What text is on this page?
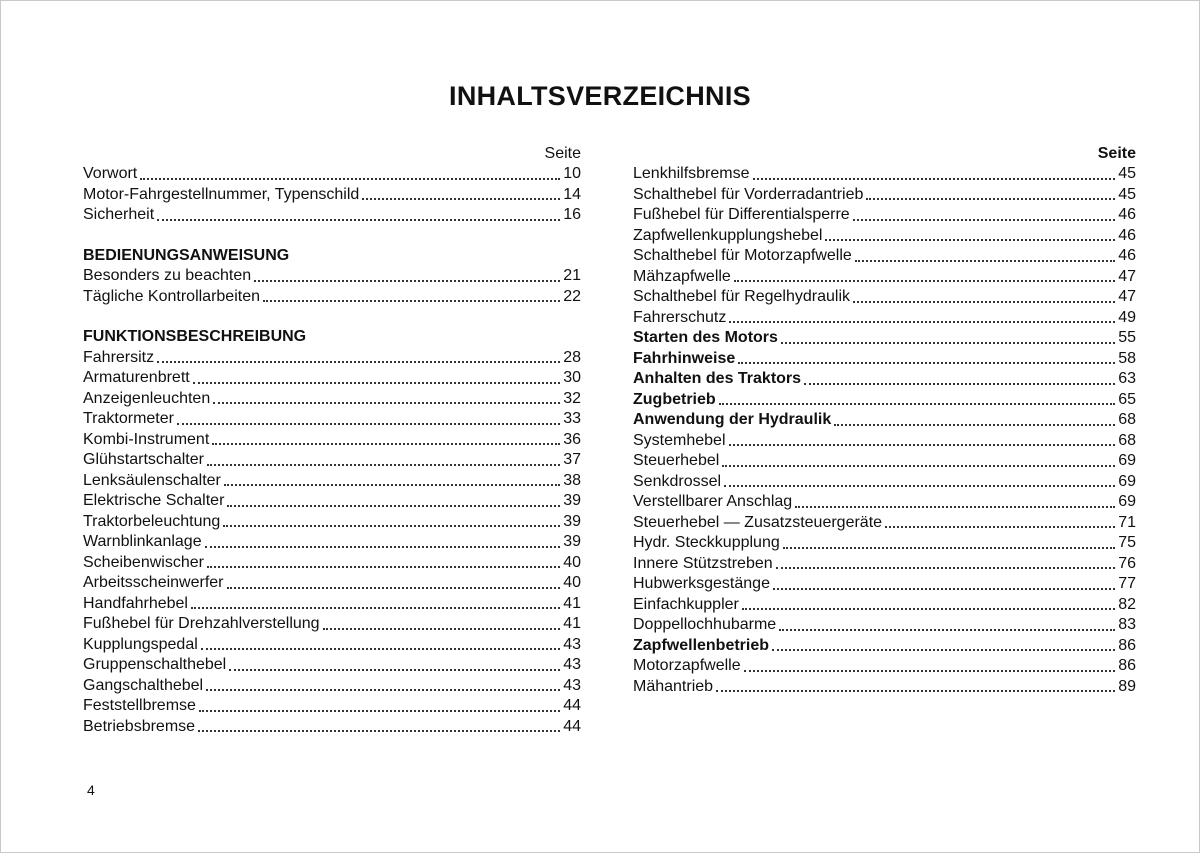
INHALTSVERZEICHNIS
Seite
Vorwort	10
Motor-Fahrgestellnummer, Typenschild	14
Sicherheit	16
BEDIENUNGSANWEISUNG
Besonders zu beachten	21
Tägliche Kontrollarbeiten	22
FUNKTIONSBESCHREIBUNG
Fahrersitz	28
Armaturenbrett	30
Anzeigenleuchten	32
Traktormeter	33
Kombi-Instrument	36
Glühstartschalter	37
Lenksäulenschalter	38
Elektrische Schalter	39
Traktorbeleuchtung	39
Warnblinkanlage	39
Scheibenwischer	40
Arbeitsscheinwerfer	40
Handfahrhebel	41
Fußhebel für Drehzahlverstellung	41
Kupplungspedal	43
Gruppenschalthebel	43
Gangschalthebel	43
Feststellbremse	44
Betriebsbremse	44
Seite
Lenkhilfsbremse	45
Schalthebel für Vorderradantrieb	45
Fußhebel für Differentialsperre	46
Zapfwellenkupplungshebel	46
Schalthebel für Motorzapfwelle	46
Mähzapfwelle	47
Schalthebel für Regelhydraulik	47
Fahrerschutz	49
Starten des Motors	55
Fahrhinweise	58
Anhalten des Traktors	63
Zugbetrieb	65
Anwendung der Hydraulik	68
Systemhebel	68
Steuerhebel	69
Senkdrossel	69
Verstellbarer Anschlag	69
Steuerhebel — Zusatzsteuergeräte	71
Hydr. Steckkupplung	75
Innere Stützstreben	76
Hubwerksgestänge	77
Einfachkuppler	82
Doppellochhubarme	83
Zapfwellenbetrieb	86
Motorzapfwelle	86
Mähantrieb	89
4
